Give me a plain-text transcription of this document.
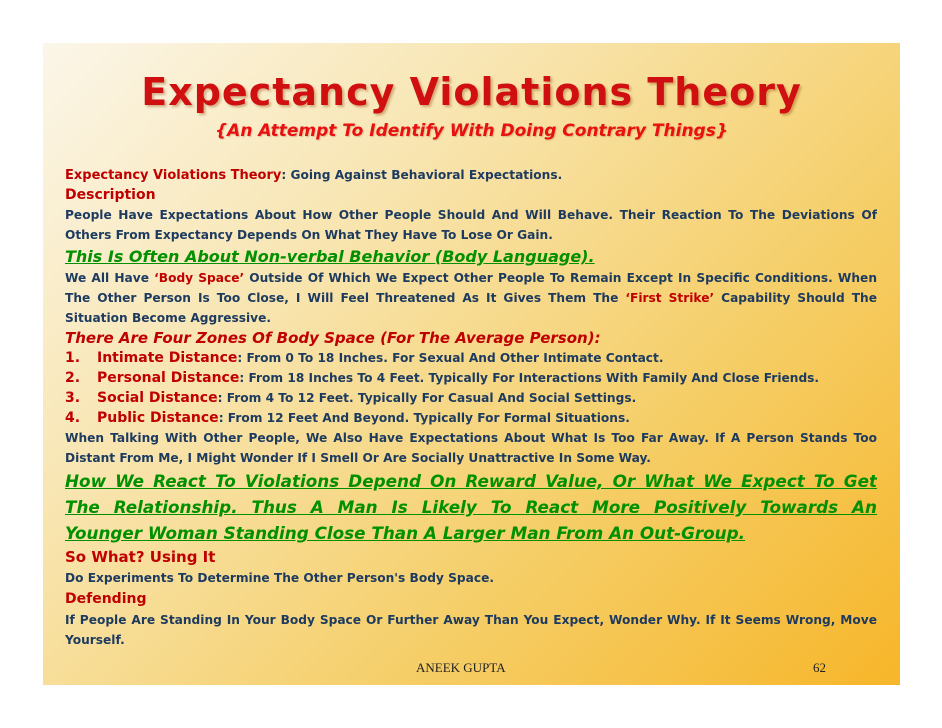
Expectancy Violations Theory
{An Attempt To Identify With Doing Contrary Things}
Expectancy Violations Theory: Going Against Behavioral Expectations.
Description
People Have Expectations About How Other People Should And Will Behave. Their Reaction To The Deviations Of
Others From Expectancy Depends On What They Have To Lose Or Gain.
This Is Often About Non-verbal Behavior (Body Language).
We All Have ‘Body Space’ Outside Of Which We Expect Other People To Remain Except In Specific Conditions. When
The Other Person Is Too Close, I Will Feel Threatened As It Gives Them The ‘First Strike’ Capability Should The
Situation Become Aggressive.
There Are Four Zones Of Body Space (For The Average Person):
1. Intimate Distance: From 0 To 18 Inches. For Sexual And Other Intimate Contact.
2. Personal Distance: From 18 Inches To 4 Feet. Typically For Interactions With Family And Close Friends.
3. Social Distance: From 4 To 12 Feet. Typically For Casual And Social Settings.
4. Public Distance: From 12 Feet And Beyond. Typically For Formal Situations.
When Talking With Other People, We Also Have Expectations About What Is Too Far Away. If A Person Stands Too
Distant From Me, I Might Wonder If I Smell Or Are Socially Unattractive In Some Way.
How We React To Violations Depend On Reward Value, Or What We Expect To Get
The Relationship. Thus A Man Is Likely To React More Positively Towards An
Younger Woman Standing Close Than A Larger Man From An Out-Group.
So What? Using It
Do Experiments To Determine The Other Person's Body Space.
Defending
If People Are Standing In Your Body Space Or Further Away Than You Expect, Wonder Why. If It Seems Wrong, Move
Yourself.
ANEEK GUPTA	62
